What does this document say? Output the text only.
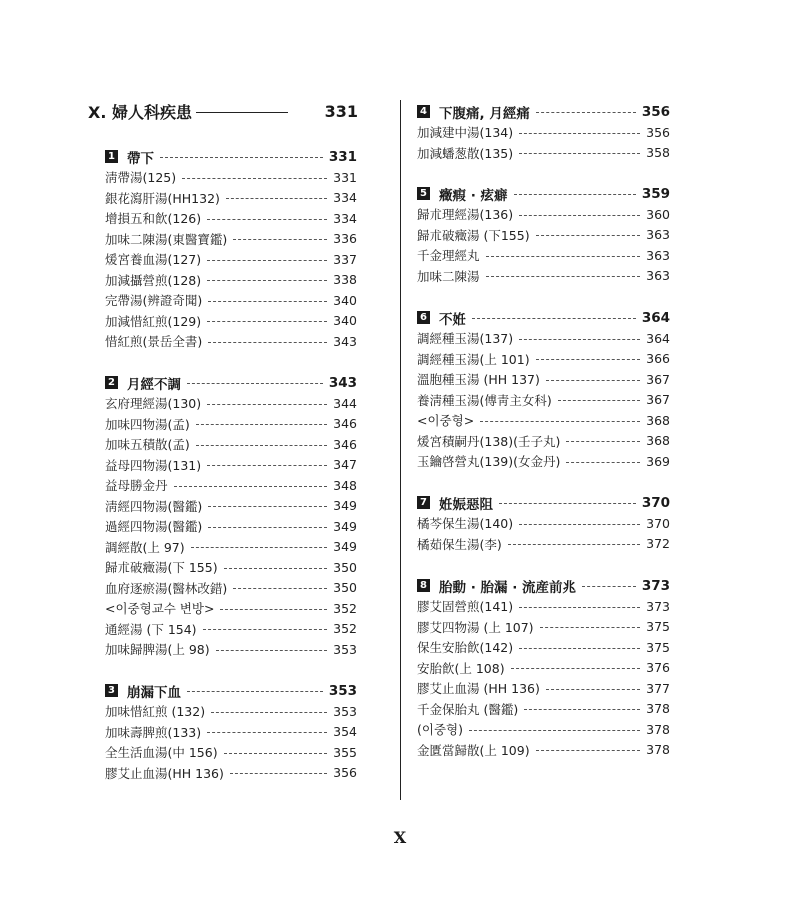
X. 婦人科疾患	331
1 帶下	331
淸帶湯(125)	331
銀花瀉肝湯(HH132)	334
增損五和飮(126)	334
加味二陳湯(東醫寶鑑)	336
煖宮養血湯(127)	337
加減攝營煎(128)	338
完帶湯(辨證奇聞)	340
加減惜紅煎(129)	340
惜紅煎(景岳全書)	343
2 月經不調	343
玄府理經湯(130)	344
加味四物湯(孟)	346
加味五積散(孟)	346
益母四物湯(131)	347
益母勝金丹	348
淸經四物湯(醫鑑)	349
過經四物湯(醫鑑)	349
調經散(上 97)	349
歸朮破癥湯(下 155)	350
血府逐瘀湯(醫林改錯)	350
<이중형교수 변방>	352
通經湯 (下 154)	352
加味歸脾湯(上 98)	353
3 崩漏下血	353
加味惜紅煎 (132)	353
加味壽脾煎(133)	354
全生活血湯(中 156)	355
膠艾止血湯(HH 136)	356
4 下腹痛, 月經痛	356
加減建中湯(134)	356
加減蟠葱散(135)	358
5 癥瘕 · 痃癖	359
歸朮理經湯(136)	360
歸朮破癥湯 (下155)	363
千金理經丸	363
加味二陳湯	363
6 不姙	364
調經種玉湯(137)	364
調經種玉湯(上 101)	366
溫胞種玉湯 (HH 137)	367
養淸種玉湯(傅靑主女科)	367
<이중형>	368
煖宮積嗣丹(138)(壬子丸)	368
玉鑰啓營丸(139)(女金丹)	369
7 姙娠惡阻	370
橘芩保生湯(140)	370
橘茹保生湯(李)	372
8 胎動 · 胎漏 · 流産前兆	373
膠艾固營煎(141)	373
膠艾四物湯 (上 107)	375
保生安胎飮(142)	375
安胎飮(上 108)	376
膠艾止血湯 (HH 136)	377
千金保胎丸 (醫鑑)	378
(이중형)	378
金匱當歸散(上 109)	378
X
